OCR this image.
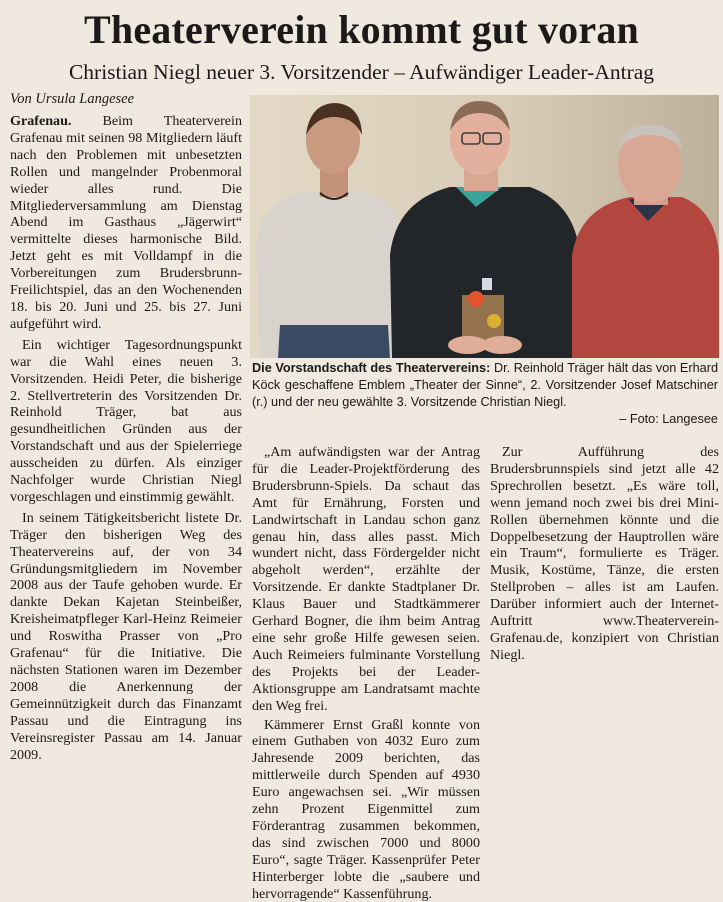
Theaterverein kommt gut voran
Christian Niegl neuer 3. Vorsitzender – Aufwändiger Leader-Antrag
Von Ursula Langesee
Die Vorstandschaft des Theatervereins: Dr. Reinhold Träger hält das von Erhard Köck geschaffene Emblem „Theater der Sinne“, 2. Vorsitzender Josef Matschiner (r.) und der neu gewählte 3. Vorsitzende Christian Niegl.
– Foto: Langesee

Grafenau. Beim Theaterverein Grafenau mit seinen 98 Mitgliedern läuft nach den Problemen mit unbesetzten Rollen und mangelnder Probenmoral wieder alles rund. Die Mitgliederversammlung am Dienstag Abend im Gasthaus „Jägerwirt“ vermittelte dieses harmonische Bild. Jetzt geht es mit Volldampf in die Vorbereitungen zum Brudersbrunn-Freilichtspiel, das an den Wochenenden 18. bis 20. Juni und 25. bis 27. Juni aufgeführt wird.

Ein wichtiger Tagesordnungspunkt war die Wahl eines neuen 3. Vorsitzenden. Heidi Peter, die bisherige 2. Stellvertreterin des Vorsitzenden Dr. Reinhold Träger, bat aus gesundheitlichen Gründen aus der Vorstandschaft und aus der Spielerriege ausscheiden zu dürfen. Als einziger Nachfolger wurde Christian Niegl vorgeschlagen und einstimmig gewählt.

In seinem Tätigkeitsbericht listete Dr. Träger den bisherigen Weg des Theatervereins auf, der von 34 Gründungsmitgliedern im November 2008 aus der Taufe gehoben wurde. Er dankte Dekan Kajetan Steinbeißer, Kreisheimatpfleger Karl-Heinz Reimeier und Roswitha Prasser von „Pro Grafenau“ für die Initiative. Die nächsten Stationen waren im Dezember 2008 die Anerkennung der Gemeinnützigkeit durch das Finanzamt Passau und die Eintragung ins Vereinsregister Passau am 14. Januar 2009.

„Am aufwändigsten war der Antrag für die Leader-Projektförderung des Brudersbrunn-Spiels. Da schaut das Amt für Ernährung, Forsten und Landwirtschaft in Landau schon ganz genau hin, dass alles passt. Mich wundert nicht, dass Fördergelder nicht abgeholt werden“, erzählte der Vorsitzende. Er dankte Stadtplaner Dr. Klaus Bauer und Stadtkämmerer Gerhard Bogner, die ihm beim Antrag eine sehr große Hilfe gewesen seien. Auch Reimeiers fulminante Vorstellung des Projekts bei der Leader-Aktionsgruppe am Landratsamt machte den Weg frei.

Kämmerer Ernst Graßl konnte von einem Guthaben von 4032 Euro zum Jahresende 2009 berichten, das mittlerweile durch Spenden auf 4930 Euro angewachsen sei. „Wir müssen zehn Prozent Eigenmittel zum Förderantrag zusammen bekommen, das sind zwischen 7000 und 8000 Euro“, sagte Träger. Kassenprüfer Peter Hinterberger lobte die „saubere und hervorragende“ Kassenführung.

Zur Aufführung des Brudersbrunnspiels sind jetzt alle 42 Sprechrollen besetzt. „Es wäre toll, wenn jemand noch zwei bis drei Mini-Rollen übernehmen könnte und die Doppelbesetzung der Hauptrollen wäre ein Traum“, formulierte es Träger. Musik, Kostüme, Tänze, die ersten Stellproben – alles ist am Laufen. Darüber informiert auch der Internet-Auftritt www.Theaterverein-Grafenau.de, konzipiert von Christian Niegl.
